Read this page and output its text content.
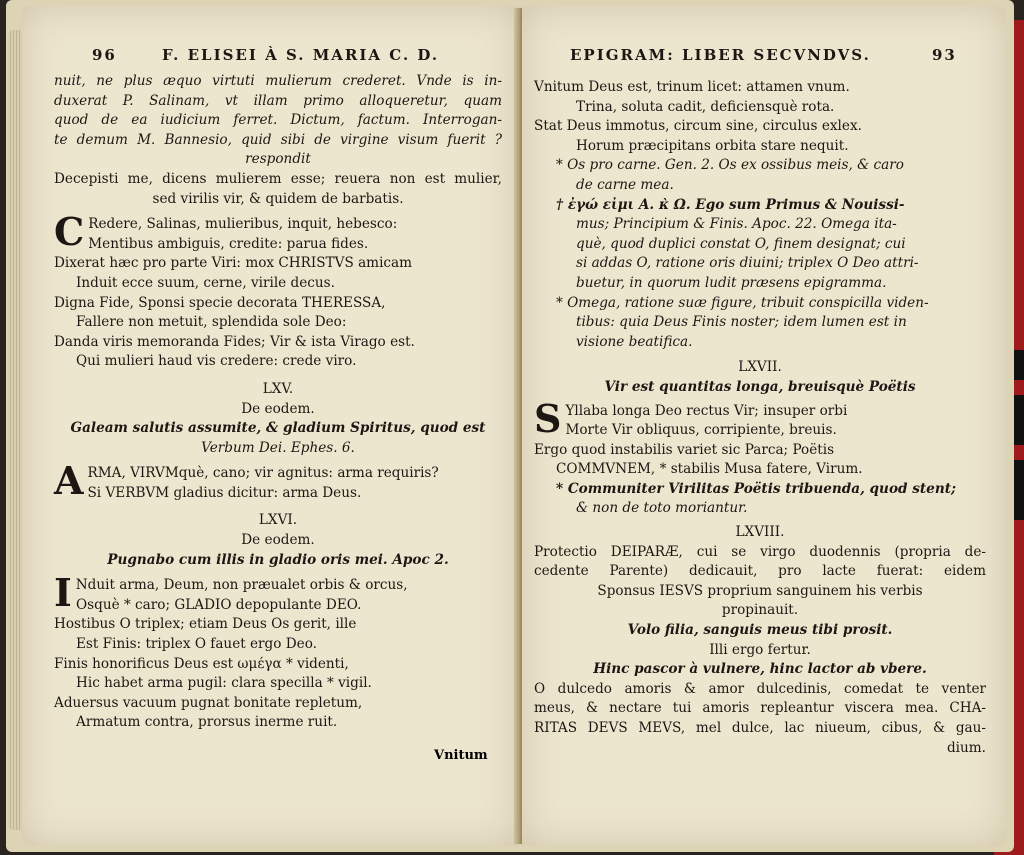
96	F. ELISEI À S. MARIA C. D.
nuit, ne plus æquo virtuti mulierum crederet. Vnde is in-
duxerat P. Salinam, vt illam primo alloqueretur, quam
quod de ea iudicium ferret. Dictum, factum. Interrogan-
te demum M. Bannesio, quid sibi de virgine visum fuerit ?
respondit
Decepisti me, dicens mulierem esse; reuera non est mulier,
sed virilis vir, & quidem de barbatis.
C Redere, Salinas, mulieribus, inquit, hebesco:
Mentibus ambiguis, credite: parua fides.
Dixerat hæc pro parte Viri: mox CHRISTVS amicam
Induit ecce suum, cerne, virile decus.
Digna Fide, Sponsi specie decorata THERESSA,
Fallere non metuit, splendida sole Deo:
Danda viris memoranda Fides; Vir & ista Virago est.
Qui mulieri haud vis credere: crede viro.
LXV.
De eodem.
Galeam salutis assumite, & gladium Spiritus, quod est
Verbum Dei. Ephes. 6.
ARMA, VIRVMquè, cano; vir agnitus: arma requiris?
Si VERBVM gladius dicitur: arma Deus.
LXVI.
De eodem.
Pugnabo cum illis in gladio oris mei. Apoc 2.
I Nduit arma, Deum, non præualet orbis & orcus,
Osquè * caro; GLADIO depopulante DEO.
Hostibus O triplex; etiam Deus Os gerit, ille
Est Finis: triplex O fauet ergo Deo.
Finis honorificus Deus est ωμέγα * videnti,
Hic habet arma pugil: clara specilla * vigil.
Aduersus vacuum pugnat bonitate repletum,
Armatum contra, prorsus inerme ruit.
Vnitum
EPIGRAM: LIBER SECVNDVS.	93
Vnitum Deus est, trinum licet: attamen vnum.
Trina, soluta cadit, deficiensquè rota.
Stat Deus immotus, circum sine, circulus exlex.
Horum præcipitans orbita stare nequit.
* Os pro carne. Gen. 2. Os ex ossibus meis, & caro
de carne mea.
† ἐγώ εἰμι Α. κ̀ Ω. Ego sum Primus & Nouissi-
mus; Principium & Finis. Apoc. 22. Omega ita-
què, quod duplici constat O, finem designat; cui
si addas O, ratione oris diuini; triplex O Deo attri-
buetur, in quorum ludit præsens epigramma.
* Omega, ratione suæ figure, tribuit conspicilla viden-
tibus: quia Deus Finis noster; idem lumen est in
visione beatifica.
LXVII.
Vir est quantitas longa, breuisquè Poëtis
S Yllaba longa Deo rectus Vir; insuper orbi
Morte Vir obliquus, corripiente, breuis.
Ergo quod instabilis variet sic Parca; Poëtis
COMMVNEM, * stabilis Musa fatere, Virum.
* Communiter Virilitas Poëtis tribuenda, quod stent;
& non de toto moriantur.
LXVIII.
Protectio DEIPARÆ, cui se virgo duodennis (propria de-
cedente Parente) dedicauit, pro lacte fuerat: eidem
Sponsus IESVS proprium sanguinem his verbis
propinauit.
Volo filia, sanguis meus tibi prosit.
Illi ergo fertur.
Hinc pascor à vulnere, hinc lactor ab vbere.
O dulcedo amoris & amor dulcedinis, comedat te venter
meus, & nectare tui amoris repleantur viscera mea. CHA-
RITAS DEVS MEVS, mel dulce, lac niueum, cibus, & gau-
dium.
